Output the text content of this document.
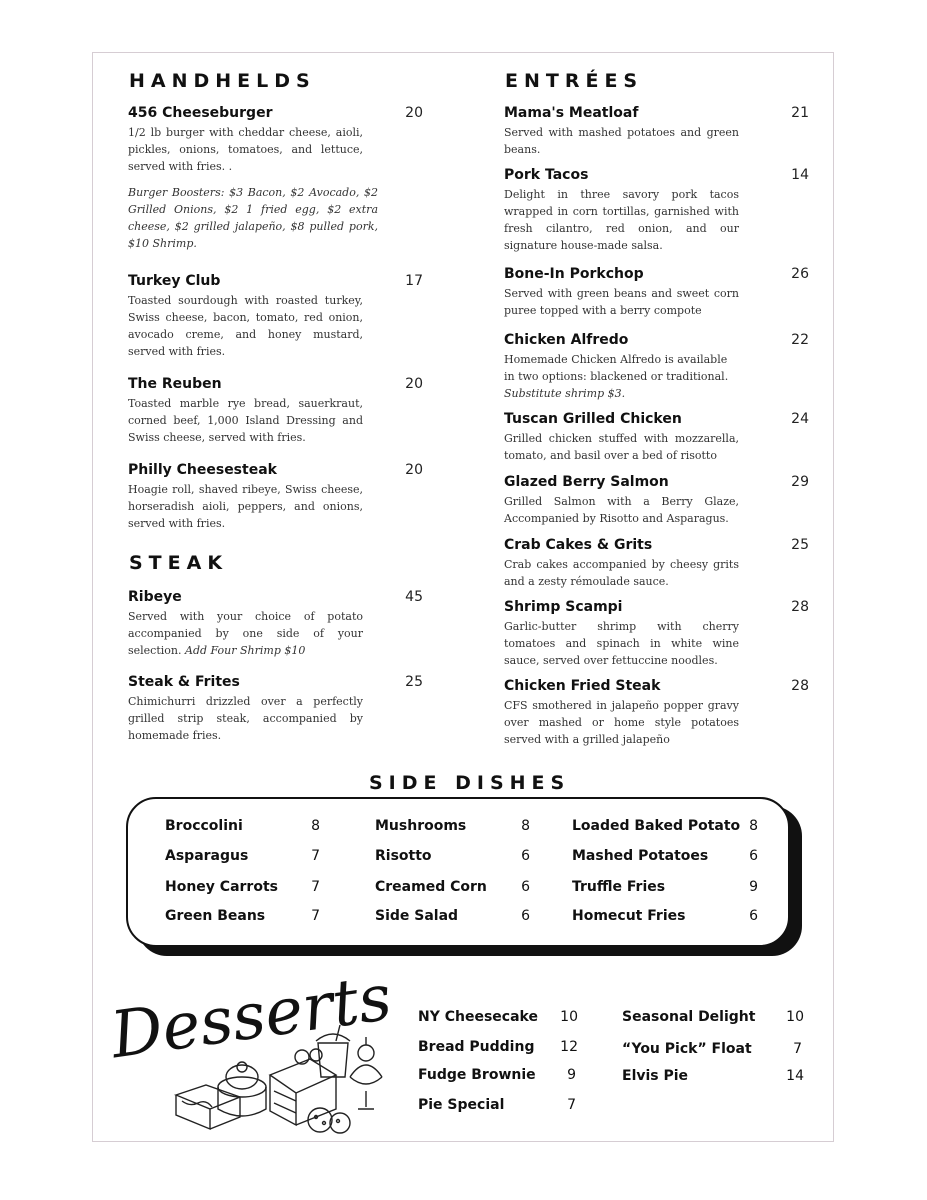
HANDHELDS
456 Cheeseburger	20
1/2 lb burger with cheddar cheese, aioli, pickles, onions, tomatoes, and lettuce, served with fries. .
Burger Boosters: $3 Bacon, $2 Avocado, $2 Grilled Onions, $2 1 fried egg, $2 extra cheese, $2 grilled jalapeño, $8 pulled pork, $10 Shrimp.
Turkey Club	17
Toasted sourdough with roasted turkey, Swiss cheese, bacon, tomato, red onion, avocado creme, and honey mustard, served with fries.
The Reuben	20
Toasted marble rye bread, sauerkraut, corned beef, 1,000 Island Dressing and Swiss cheese, served with fries.
Philly Cheesesteak	20
Hoagie roll, shaved ribeye, Swiss cheese, horseradish aioli, peppers, and onions, served with fries.
STEAK
Ribeye	45
Served with your choice of potato accompanied by one side of your selection. Add Four Shrimp $10
Steak & Frites	25
Chimichurri drizzled over a perfectly grilled strip steak, accompanied by homemade fries.
ENTRÉES
Mama's Meatloaf	21
Served with mashed potatoes and green beans.
Pork Tacos	14
Delight in three savory pork tacos wrapped in corn tortillas, garnished with fresh cilantro, red onion, and our signature house-made salsa.
Bone-In Porkchop	26
Served with green beans and sweet corn puree topped with a berry compote
Chicken Alfredo	22
Homemade Chicken Alfredo is available in two options: blackened or traditional.
Substitute shrimp $3.
Tuscan Grilled Chicken	24
Grilled chicken stuffed with mozzarella, tomato, and basil over a bed of risotto
Glazed Berry Salmon	29
Grilled Salmon with a Berry Glaze, Accompanied by Risotto and Asparagus.
Crab Cakes & Grits	25
Crab cakes accompanied by cheesy grits and a zesty rémoulade sauce.
Shrimp Scampi	28
Garlic-butter shrimp with cherry tomatoes and spinach in white wine sauce, served over fettuccine noodles.
Chicken Fried Steak	28
CFS smothered in jalapeño popper gravy over mashed or home style potatoes served with a grilled jalapeño
SIDE DISHES
Broccolini	8
Asparagus	7
Honey Carrots 7
Green Beans	7
Mushrooms	8
Risotto	6
Creamed Corn 6
Side Salad	6
Loaded Baked Potato 8
Mashed Potatoes	6
Truffle Fries	9
Homecut Fries	6
Desserts NY Cheesecake 10
Bread Pudding 12
Fudge Brownie 9
Pie Special	7
Seasonal Delight 10
“You Pick” Float	7
Elvis Pie	14
